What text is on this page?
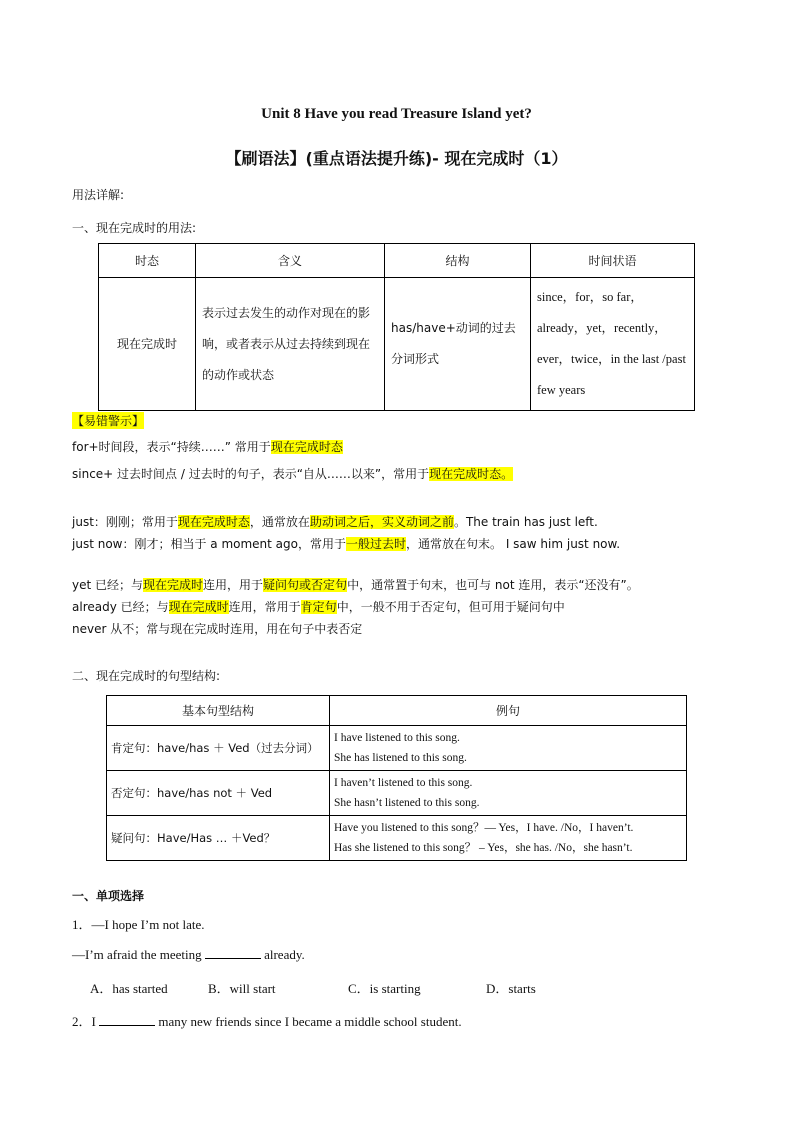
Unit 8 Have you read Treasure Island yet?
【刷语法】(重点语法提升练)- 现在完成时（1）
用法详解:
一、现在完成时的用法:
时态	含义	结构	时间状语
现在完成时	表示过去发生的动作对现在的影响，或者表示从过去持续到现在的动作或状态	has/have+动词的过去分词形式	since，for，so far，already，yet，recently，ever，twice，in the last /past few years
【易错警示】
for+时间段，表示“持续……” 常用于现在完成时态
since+ 过去时间点 / 过去时的句子，表示“自从……以来”，常用于现在完成时态。
just：刚刚；常用于现在完成时态，通常放在助动词之后，实义动词之前。The train has just left.
just now：刚才；相当于 a moment ago，常用于一般过去时，通常放在句末。 I saw him just now.
yet 已经；与现在完成时连用，用于疑问句或否定句中，通常置于句末，也可与 not 连用，表示“还没有”。
already 已经；与现在完成时连用，常用于肯定句中，一般不用于否定句，但可用于疑问句中
never 从不；常与现在完成时连用，用在句子中表否定
二、现在完成时的句型结构:
基本句型结构	例句
肯定句：have/has ＋ Ved（过去分词）	I have listened to this song.
She has listened to this song.

否定句：have/has not ＋ Ved	I haven’t listened to this song.
She hasn’t listened to this song.

疑问句：Have/Has … ＋Ved？	Have you listened to this song？— Yes，I have. /No，I haven’t.
Has she listened to this song？ – Yes，she has. /No，she hasn’t.
一、单项选择
1．—I hope I’m not late.
—I’m afraid the meeting	already.
A．has started	B．will start	C．is starting	D．starts
2．I	many new friends since I became a middle school student.
